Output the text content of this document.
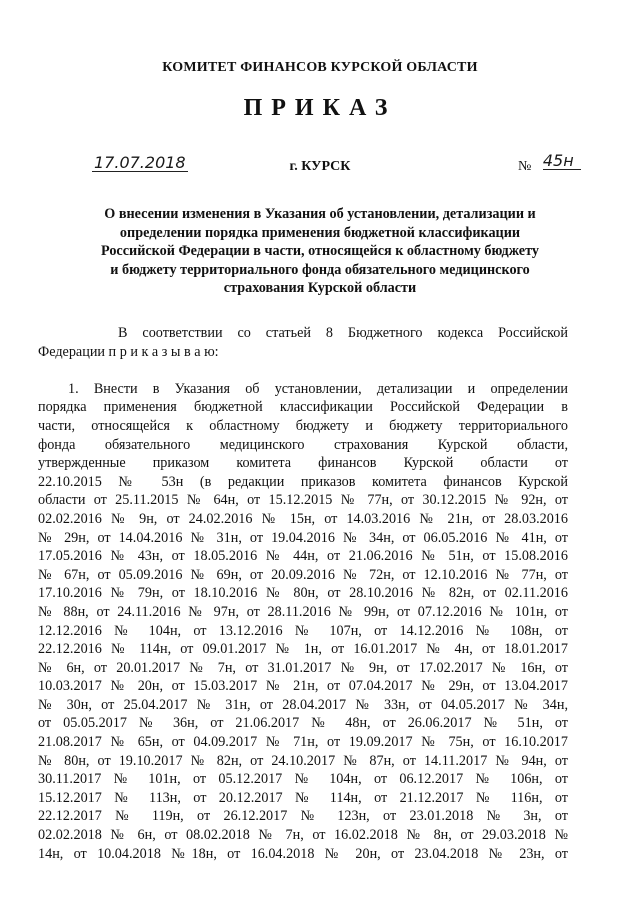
КОМИТЕТ ФИНАНСОВ КУРСКОЙ ОБЛАСТИ
ПРИКАЗ
17.07.2018	г. КУРСК	№ 45н
О внесении изменения в Указания об установлении, детализации и
определении порядка применения бюджетной классификации
Российской Федерации в части, относящейся к областному бюджету
и бюджету территориального фонда обязательного медицинского
страхования Курской области
В соответствии со статьей 8 Бюджетного кодекса Российской
Федерации п р и к а з ы в а ю:
1. Внести в Указания об установлении, детализации и определении
порядка применения бюджетной классификации Российской Федерации в
части, относящейся к областному бюджету и бюджету территориального
фонда обязательного медицинского страхования Курской области,
утвержденные приказом комитета финансов Курской области от
22.10.2015 № 53н (в редакции приказов комитета финансов Курской
области от 25.11.2015 № 64н, от 15.12.2015 № 77н, от 30.12.2015 № 92н, от
02.02.2016 № 9н, от 24.02.2016 № 15н, от 14.03.2016 № 21н, от 28.03.2016
№ 29н, от 14.04.2016 № 31н, от 19.04.2016 № 34н, от 06.05.2016 № 41н, от
17.05.2016 № 43н, от 18.05.2016 № 44н, от 21.06.2016 № 51н, от 15.08.2016
№ 67н, от 05.09.2016 № 69н, от 20.09.2016 № 72н, от 12.10.2016 № 77н, от
17.10.2016 № 79н, от 18.10.2016 № 80н, от 28.10.2016 № 82н, от 02.11.2016
№ 88н, от 24.11.2016 № 97н, от 28.11.2016 № 99н, от 07.12.2016 № 101н, от
12.12.2016 № 104н, от 13.12.2016 № 107н, от 14.12.2016 № 108н, от
22.12.2016 № 114н, от 09.01.2017 № 1н, от 16.01.2017 № 4н, от 18.01.2017
№ 6н, от 20.01.2017 № 7н, от 31.01.2017 № 9н, от 17.02.2017 № 16н, от
10.03.2017 № 20н, от 15.03.2017 № 21н, от 07.04.2017 № 29н, от 13.04.2017
№ 30н, от 25.04.2017 № 31н, от 28.04.2017 № 33н, от 04.05.2017 № 34н,
от 05.05.2017 № 36н, от 21.06.2017 № 48н, от 26.06.2017 № 51н, от
21.08.2017 № 65н, от 04.09.2017 № 71н, от 19.09.2017 № 75н, от 16.10.2017
№ 80н, от 19.10.2017 № 82н, от 24.10.2017 № 87н, от 14.11.2017 № 94н, от
30.11.2017 № 101н, от 05.12.2017 № 104н, от 06.12.2017 № 106н, от
15.12.2017 № 113н, от 20.12.2017 № 114н, от 21.12.2017 № 116н, от
22.12.2017 № 119н, от 26.12.2017 № 123н, от 23.01.2018 № 3н, от
02.02.2018 № 6н, от 08.02.2018 № 7н, от 16.02.2018 № 8н, от 29.03.2018 №
14н, от 10.04.2018 №18н, от 16.04.2018 № 20н, от 23.04.2018 № 23н, от
